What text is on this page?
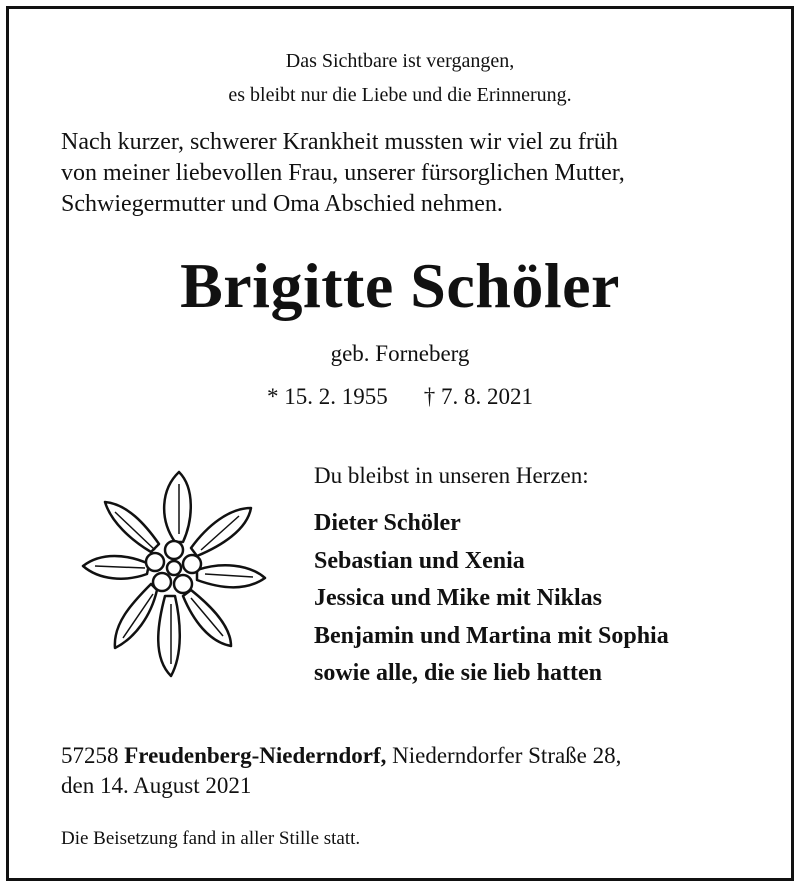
Das Sichtbare ist vergangen,
es bleibt nur die Liebe und die Erinnerung.
Nach kurzer, schwerer Krankheit mussten wir viel zu früh
von meiner liebevollen Frau, unserer fürsorglichen Mutter,
Schwiegermutter und Oma Abschied nehmen.
Brigitte Schöler
geb. Forneberg
* 15. 2. 1955 † 7. 8. 2021
Du bleibst in unseren Herzen:
Dieter Schöler
Sebastian und Xenia
Jessica und Mike mit Niklas
Benjamin und Martina mit Sophia
sowie alle, die sie lieb hatten
57258 Freudenberg-Niederndorf, Niederndorfer Straße 28,
den 14. August 2021
Die Beisetzung fand in aller Stille statt.
